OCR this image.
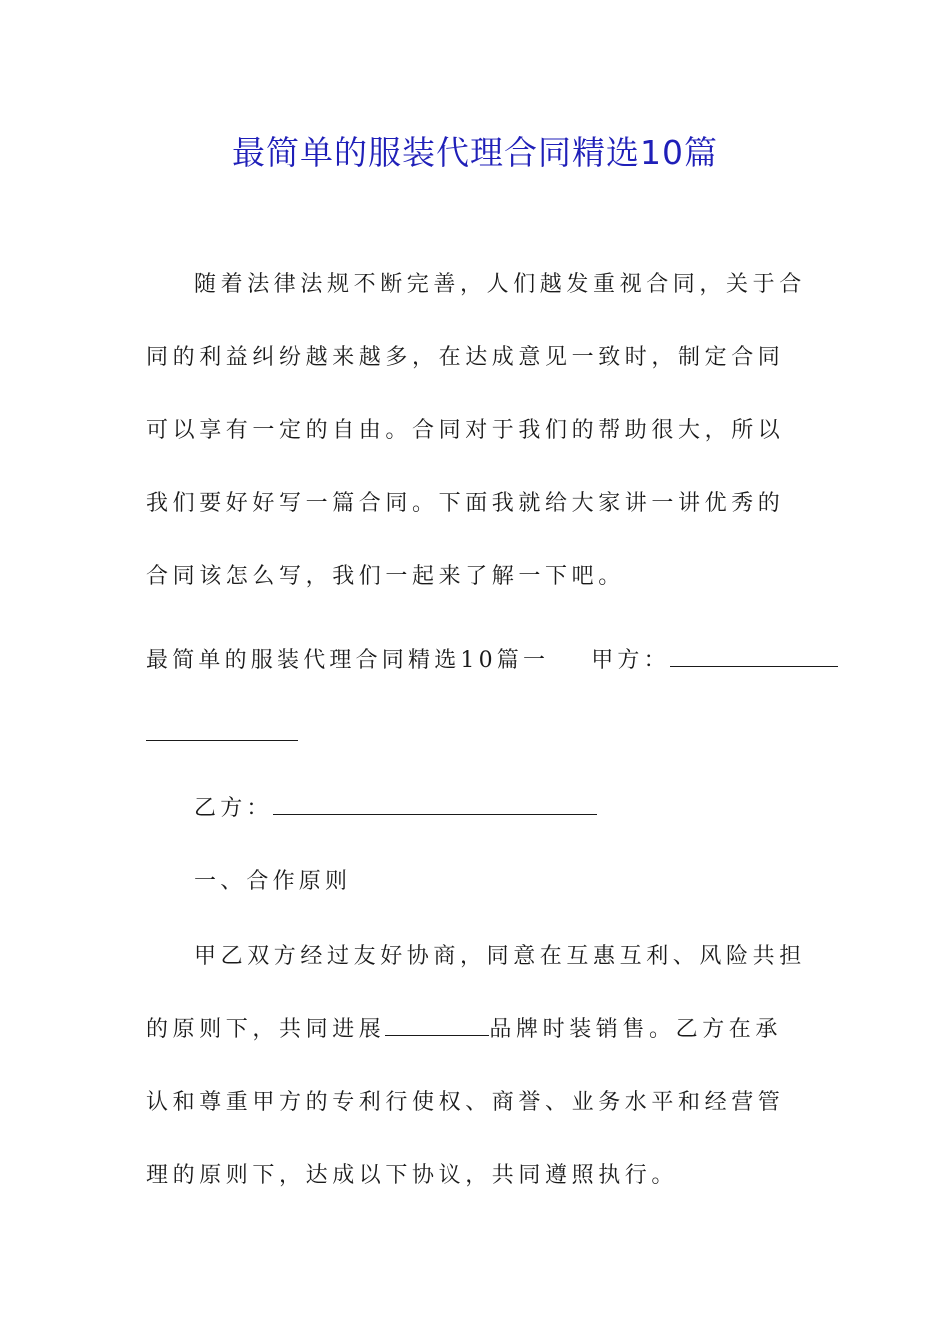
最简单的服装代理合同精选10篇

随着法律法规不断完善，人们越发重视合同，关于合同的利益纠纷越来越多，在达成意见一致时，制定合同可以享有一定的自由。合同对于我们的帮助很大，所以我们要好好写一篇合同。下面我就给大家讲一讲优秀的合同该怎么写，我们一起来了解一下吧。

最简单的服装代理合同精选10篇一 甲方：
乙方：
一、合作原则

甲乙双方经过友好协商，同意在互惠互利、风险共担的原则下，共同进展	品牌时装销售。乙方在承认和尊重甲方的专利行使权、商誉、业务水平和经营管理的原则下，达成以下协议，共同遵照执行。
